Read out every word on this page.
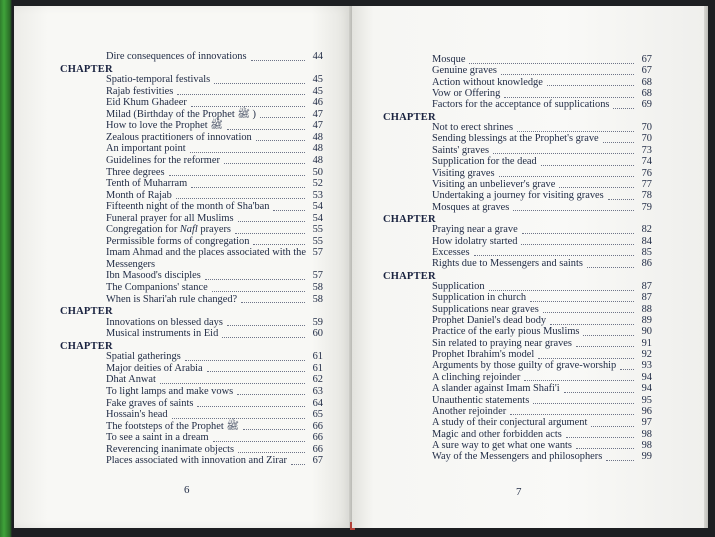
Dire consequences of innovations	44
CHAPTER
Spatio-temporal festivals	45
Rajab festivities	45
Eid Khum Ghadeer	46
Milad (Birthday of the Prophet ﷺ )	47
How to love the Prophet ﷺ	47
Zealous practitioners of innovation	48
An important point	48
Guidelines for the reformer	48
Three degrees	50
Tenth of Muharram	52
Month of Rajab	53
Fifteenth night of the month of Sha'ban	54
Funeral prayer for all Muslims	54
Congregation for Nafl prayers	55
Permissible forms of congregation	55
Imam Ahmad and the places associated with the 57
Messengers
Ibn Masood's disciples	57
The Companions' stance	58
When is Shari'ah rule changed?	58
CHAPTER
Innovations on blessed days	59
Musical instruments in Eid	60
CHAPTER
Spatial gatherings	61
Major deities of Arabia	61
Dhat Anwat	62
To light lamps and make vows	63
Fake graves of saints	64
Hossain's head	65
The footsteps of the Prophet ﷺ	66
To see a saint in a dream	66
Reverencing inanimate objects	66
Places associated with innovation and Zirar	67
Mosque	67
Genuine graves	67
Action without knowledge	68
Vow or Offering	68
Factors for the acceptance of supplications	69
CHAPTER
Not to erect shrines	70
Sending blessings at the Prophet's grave	70
Saints' graves	73
Supplication for the dead	74
Visiting graves	76
Visiting an unbeliever's grave	77
Undertaking a journey for visiting graves	78
Mosques at graves	79
CHAPTER
Praying near a grave	82
How idolatry started	84
Excesses	85
Rights due to Messengers and saints	86
CHAPTER
Supplication	87
Supplication in church	87
Supplications near graves	88
Prophet Daniel's dead body	89
Practice of the early pious Muslims	90
Sin related to praying near graves	91
Prophet Ibrahim's model	92
Arguments by those guilty of grave-worship	93
A clinching rejoinder	94
A slander against Imam Shafi'i	94
Unauthentic statements	95
Another rejoinder	96
A study of their conjectural argument	97
Magic and other forbidden acts	98
A sure way to get what one wants	98
Way of the Messengers and philosophers	99
6	7
